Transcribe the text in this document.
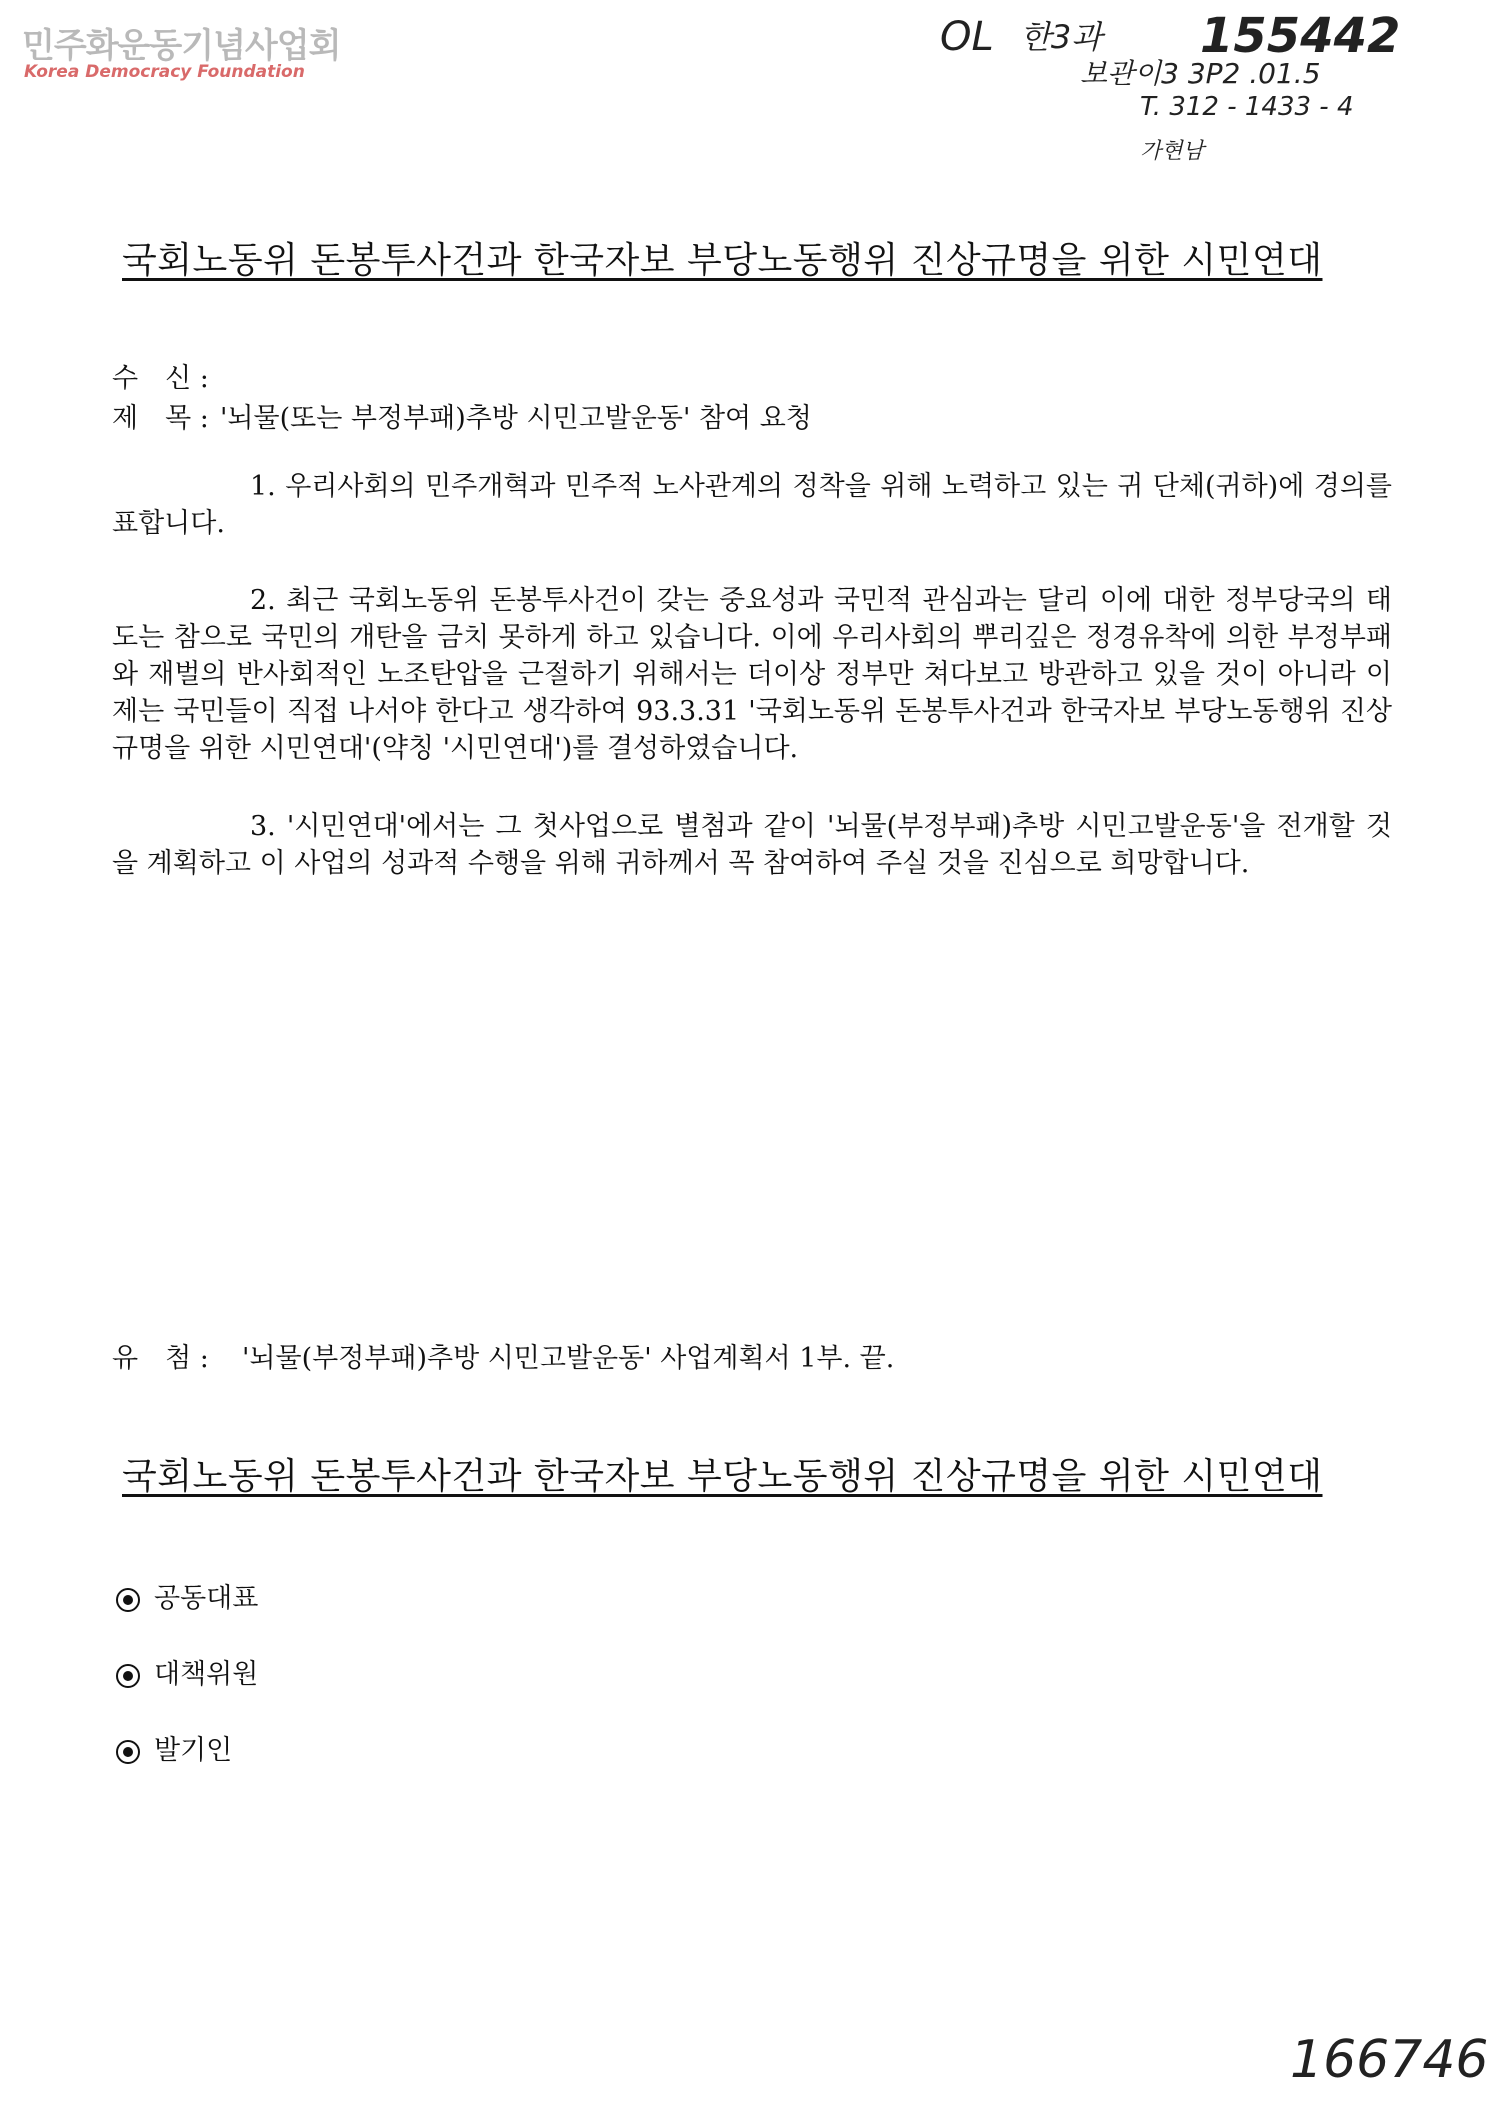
민주화운동기념사업회
Korea Democracy Foundation
OL 한3과 155442
보관이3 3P2 .01.5
T. 312 - 1433 - 4
가현남
국회노동위 돈봉투사건과 한국자보 부당노동행위 진상규명을 위한 시민연대
수　신 :
제　목 : '뇌물(또는 부정부패)추방 시민고발운동' 참여 요청
1. 우리사회의 민주개혁과 민주적 노사관계의 정착을 위해 노력하고 있는 귀 단체(귀하)에 경의를 표합니다.
2. 최근 국회노동위 돈봉투사건이 갖는 중요성과 국민적 관심과는 달리 이에 대한 정부당국의 태도는 참으로 국민의 개탄을 금치 못하게 하고 있습니다. 이에 우리사회의 뿌리깊은 정경유착에 의한 부정부패와 재벌의 반사회적인 노조탄압을 근절하기 위해서는 더이상 정부만 쳐다보고 방관하고 있을 것이 아니라 이제는 국민들이 직접 나서야 한다고 생각하여 93.3.31 '국회노동위 돈봉투사건과 한국자보 부당노동행위 진상규명을 위한 시민연대'(약칭 '시민연대')를 결성하였습니다.
3. '시민연대'에서는 그 첫사업으로 별첨과 같이 '뇌물(부정부패)추방 시민고발운동'을 전개할 것을 계획하고 이 사업의 성과적 수행을 위해 귀하께서 꼭 참여하여 주실 것을 진심으로 희망합니다.
유　첨 : '뇌물(부정부패)추방 시민고발운동' 사업계획서 1부. 끝.
국회노동위 돈봉투사건과 한국자보 부당노동행위 진상규명을 위한 시민연대
공동대표
대책위원
발기인
166746
